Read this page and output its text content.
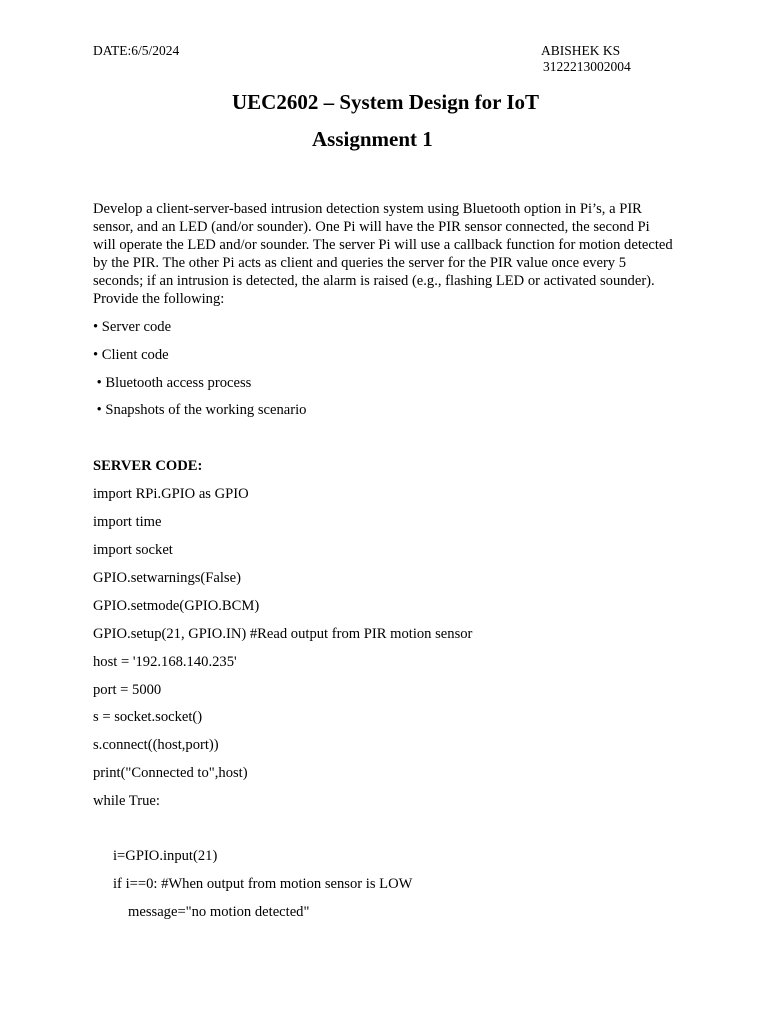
DATE:6/5/2024	ABISHEK KS
3122213002004
UEC2602 – System Design for IoT
Assignment 1
Develop a client-server-based intrusion detection system using Bluetooth option in Pi’s, a PIR sensor, and an LED (and/or sounder). One Pi will have the PIR sensor connected, the second Pi will operate the LED and/or sounder. The server Pi will use a callback function for motion detected by the PIR. The other Pi acts as client and queries the server for the PIR value once every 5 seconds; if an intrusion is detected, the alarm is raised (e.g., flashing LED or activated sounder). Provide the following:
• Server code
• Client code
• Bluetooth access process
• Snapshots of the working scenario
SERVER CODE:
import RPi.GPIO as GPIO
import time
import socket
GPIO.setwarnings(False)
GPIO.setmode(GPIO.BCM)
GPIO.setup(21, GPIO.IN) #Read output from PIR motion sensor
host = '192.168.140.235'
port = 5000
s = socket.socket()
s.connect((host,port))
print("Connected to",host)
while True:
i=GPIO.input(21)
if i==0: #When output from motion sensor is LOW
message="no motion detected"
